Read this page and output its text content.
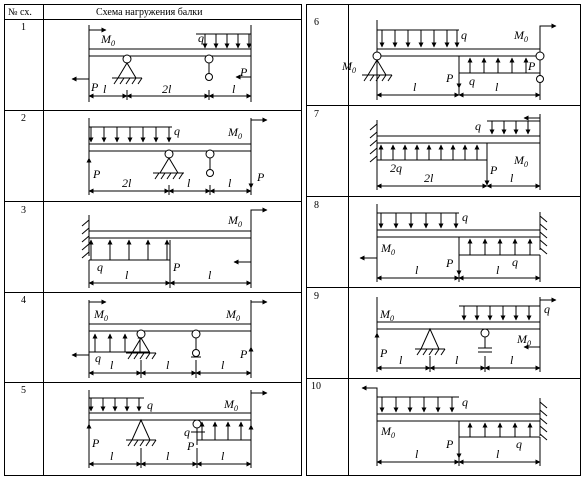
№ сх.	Схема нагружения балки
1
$M_0$	q
P l	2l	l
P
2
q	$M_0$
P
2l	l	l P
3
$M_0$
q
l
P
l
4
$M_0$	$M_0$
q l	l	l
P
5
q	$M_0$
P
l	l
q
P
l
6
q	$M_0$
$M_0$
l
P q l
P
7
q
2q
2l
P
$M_0$
l
8
q
$M_0$
l P	l
q
9
q
$M_0$
P
$M_0$
l	l	l
10
q
$M_0$
P
l	l
q
